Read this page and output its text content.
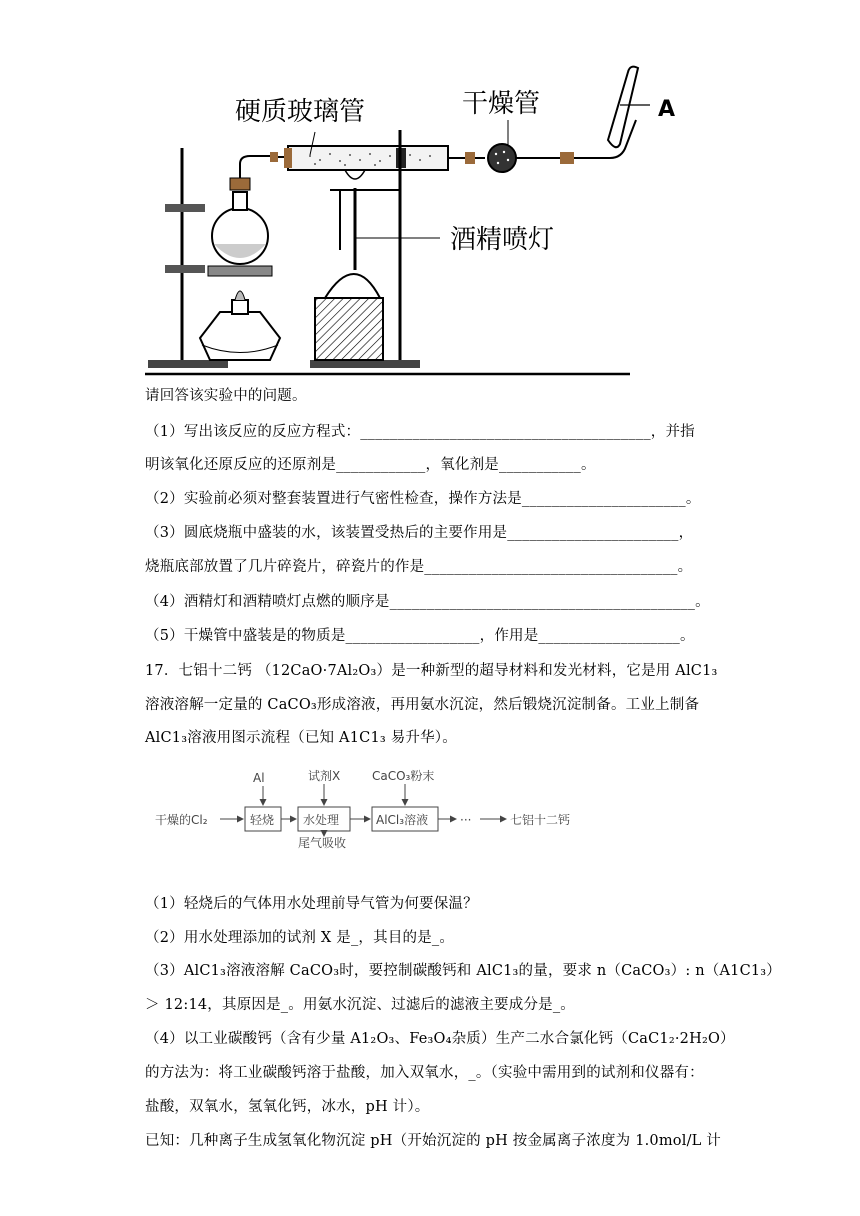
硬质玻璃管	干燥管
酒精喷灯
A
请回答该实验中的问题。
（1）写出该反应的反应方程式：_______________________________________，并指
明该氧化还原反应的还原剂是____________，氧化剂是___________。
（2）实验前必须对整套装置进行气密性检查，操作方法是______________________。
（3）圆底烧瓶中盛装的水，该装置受热后的主要作用是_______________________，
烧瓶底部放置了几片碎瓷片，碎瓷片的作是__________________________________。
（4）酒精灯和酒精喷灯点燃的顺序是_________________________________________。
（5）干燥管中盛装是的物质是__________________，作用是___________________。
17．七铝十二钙 （12CaO·7Al₂O₃）是一种新型的超导材料和发光材料，它是用 AlC1₃
溶液溶解一定量的 CaCO₃形成溶液，再用氨水沉淀，然后锻烧沉淀制备。工业上制备
AlC1₃溶液用图示流程（已知 A1C1₃ 易升华）。
干燥的Cl₂
Al	试剂X	CaCO₃粉末
···	七铝十二钙
尾气吸收
轻烧 水处理	AlCl₃溶液
（1）轻烧后的气体用水处理前导气管为何要保温？
（2）用水处理添加的试剂 X 是_，其目的是_。
（3）AlC1₃溶液溶解 CaCO₃时，要控制碳酸钙和 AlC1₃的量，要求 n（CaCO₃）: n（A1C1₃）
＞ 12:14，其原因是_。用氨水沉淀、过滤后的滤液主要成分是_。
（4）以工业碳酸钙（含有少量 A1₂O₃、Fe₃O₄杂质）生产二水合氯化钙（CaC1₂·2H₂O）
的方法为：将工业碳酸钙溶于盐酸，加入双氧水，_。（实验中需用到的试剂和仪器有：
盐酸，双氧水，氢氧化钙，冰水，pH 计）。
已知：几种离子生成氢氧化物沉淀 pH（开始沉淀的 pH 按金属离子浓度为 1.0mol/L 计
